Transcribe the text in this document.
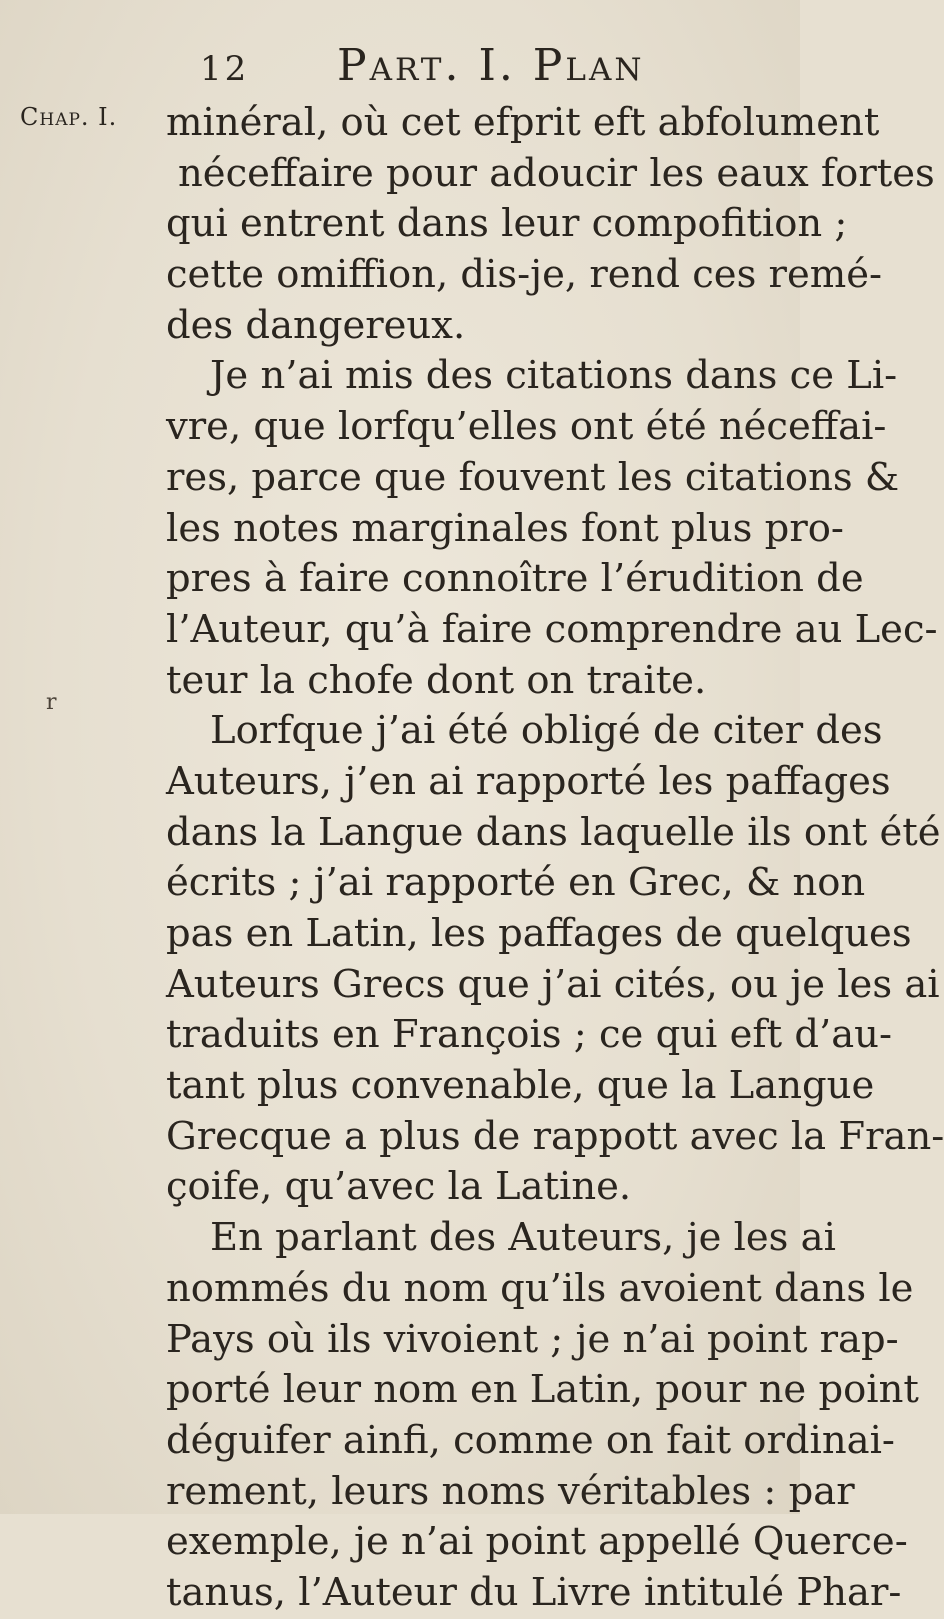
Chap. I.
12 Part. I. Plan
r
minéral, où cet efprit eft abfolument
néceffaire pour adoucir les eaux fortes
qui entrent dans leur compofition ;
cette omiffion, dis-je, rend ces remé-
des dangereux.
Je n’ai mis des citations dans ce Li-
vre, que lorfqu’elles ont été néceffai-
res, parce que fouvent les citations &
les notes marginales font plus pro-
pres à faire connoître l’érudition de
l’Auteur, qu’à faire comprendre au Lec-
teur la chofe dont on traite.
Lorfque j’ai été obligé de citer des
Auteurs, j’en ai rapporté les paffages
dans la Langue dans laquelle ils ont été
écrits ; j’ai rapporté en Grec, & non
pas en Latin, les paffages de quelques
Auteurs Grecs que j’ai cités, ou je les ai
traduits en François ; ce qui eft d’au-
tant plus convenable, que la Langue
Grecque a plus de rappott avec la Fran-
çoife, qu’avec la Latine.
En parlant des Auteurs, je les ai
nommés du nom qu’ils avoient dans le
Pays où ils vivoient ; je n’ai point rap-
porté leur nom en Latin, pour ne point
déguifer ainfi, comme on fait ordinai-
rement, leurs noms véritables : par
exemple, je n’ai point appellé Querce-
tanus, l’Auteur du Livre intitulé Phar-
